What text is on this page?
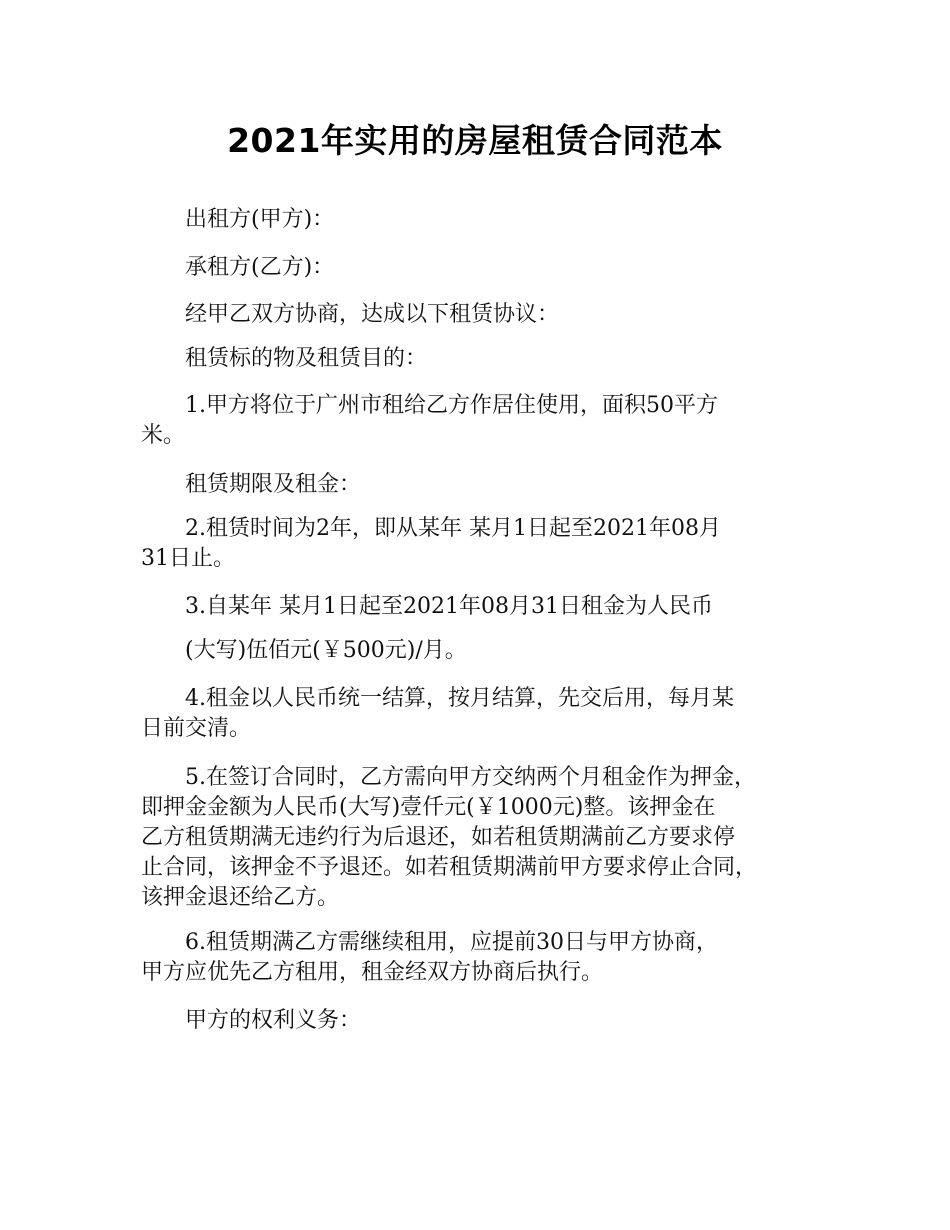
2021年实用的房屋租赁合同范本
　　出租方(甲方)：
　　承租方(乙方)：
　　经甲乙双方协商，达成以下租赁协议：
　　租赁标的物及租赁目的：
　　1.甲方将位于广州市租给乙方作居住使用，面积50平方
米。
　　租赁期限及租金：
　　2.租赁时间为2年，即从某年 某月1日起至2021年08月
31日止。
　　3.自某年 某月1日起至2021年08月31日租金为人民币
　　(大写)伍佰元(￥500元)/月。
　　4.租金以人民币统一结算，按月结算，先交后用，每月某
日前交清。
　　5.在签订合同时，乙方需向甲方交纳两个月租金作为押金，
即押金金额为人民币(大写)壹仟元(￥1000元)整。该押金在
乙方租赁期满无违约行为后退还，如若租赁期满前乙方要求停
止合同，该押金不予退还。如若租赁期满前甲方要求停止合同，
该押金退还给乙方。
　　6.租赁期满乙方需继续租用，应提前30日与甲方协商，
甲方应优先乙方租用，租金经双方协商后执行。
　　甲方的权利义务：
